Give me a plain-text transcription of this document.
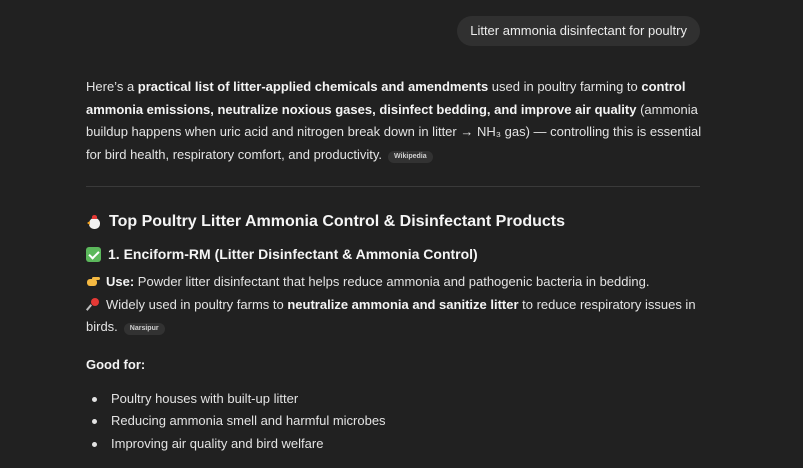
Litter ammonia disinfectant for poultry

Here’s a practical list of litter-applied chemicals and amendments used in poultry farming to control ammonia emissions, neutralize noxious gases, disinfect bedding, and improve air quality (ammonia buildup happens when uric acid and nitrogen break down in litter → NH₃ gas) — controlling this is essential for bird health, respiratory comfort, and productivity. Wikipedia

Top Poultry Litter Ammonia Control & Disinfectant Products
1. Enciform-RM (Litter Disinfectant & Ammonia Control)

Use: Powder litter disinfectant that helps reduce ammonia and pathogenic bacteria in bedding.

Widely used in poultry farms to neutralize ammonia and sanitize litter to reduce respiratory issues in birds. Narsipur

Good for:

Poultry houses with built-up litter
Reducing ammonia smell and harmful microbes
Improving air quality and bird welfare
